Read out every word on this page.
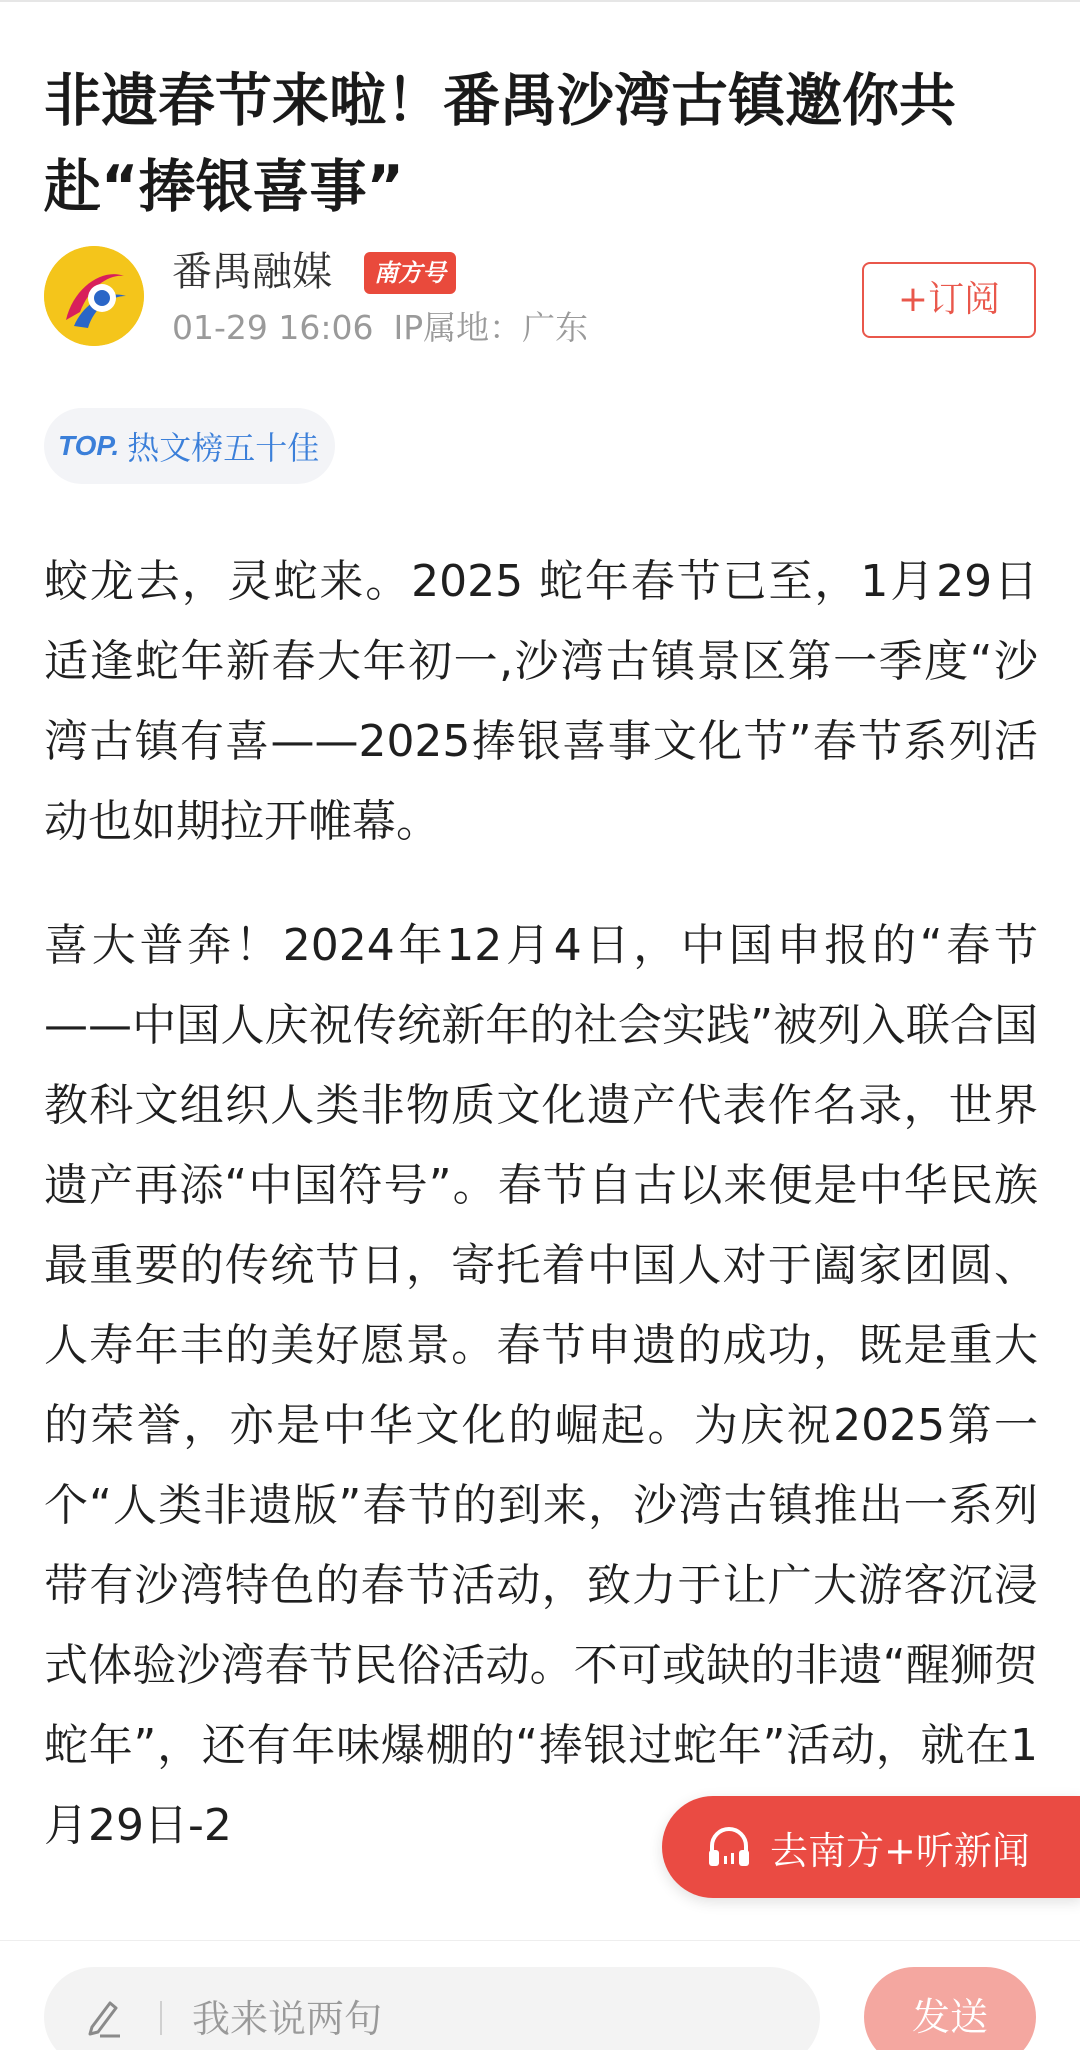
非遗春节来啦！番禺沙湾古镇邀你共赴“捧银喜事”
番禺融媒	南方号
01-29 16:06 IP属地：广东
+订阅
TOP. 热文榜五十佳

蛟龙去，灵蛇来。2025 蛇年春节已至，1月29日适逢蛇年新春大年初一,沙湾古镇景区第一季度“沙湾古镇有喜——2025捧银喜事文化节”春节系列活动也如期拉开帷幕。

喜大普奔！2024年12月4日，中国申报的“春节——中国人庆祝传统新年的社会实践”被列入联合国教科文组织人类非物质文化遗产代表作名录，世界遗产再添“中国符号”。春节自古以来便是中华民族最重要的传统节日，寄托着中国人对于阖家团圆、人寿年丰的美好愿景。春节申遗的成功，既是重大的荣誉，亦是中华文化的崛起。为庆祝2025第一个“人类非遗版”春节的到来，沙湾古镇推出一系列带有沙湾特色的春节活动，致力于让广大游客沉浸式体验沙湾春节民俗活动。不可或缺的非遗“醒狮贺蛇年”，还有年味爆棚的“捧银过蛇年”活动，就在1月29日-2	去南方+听新闻
我来说两句
发送
